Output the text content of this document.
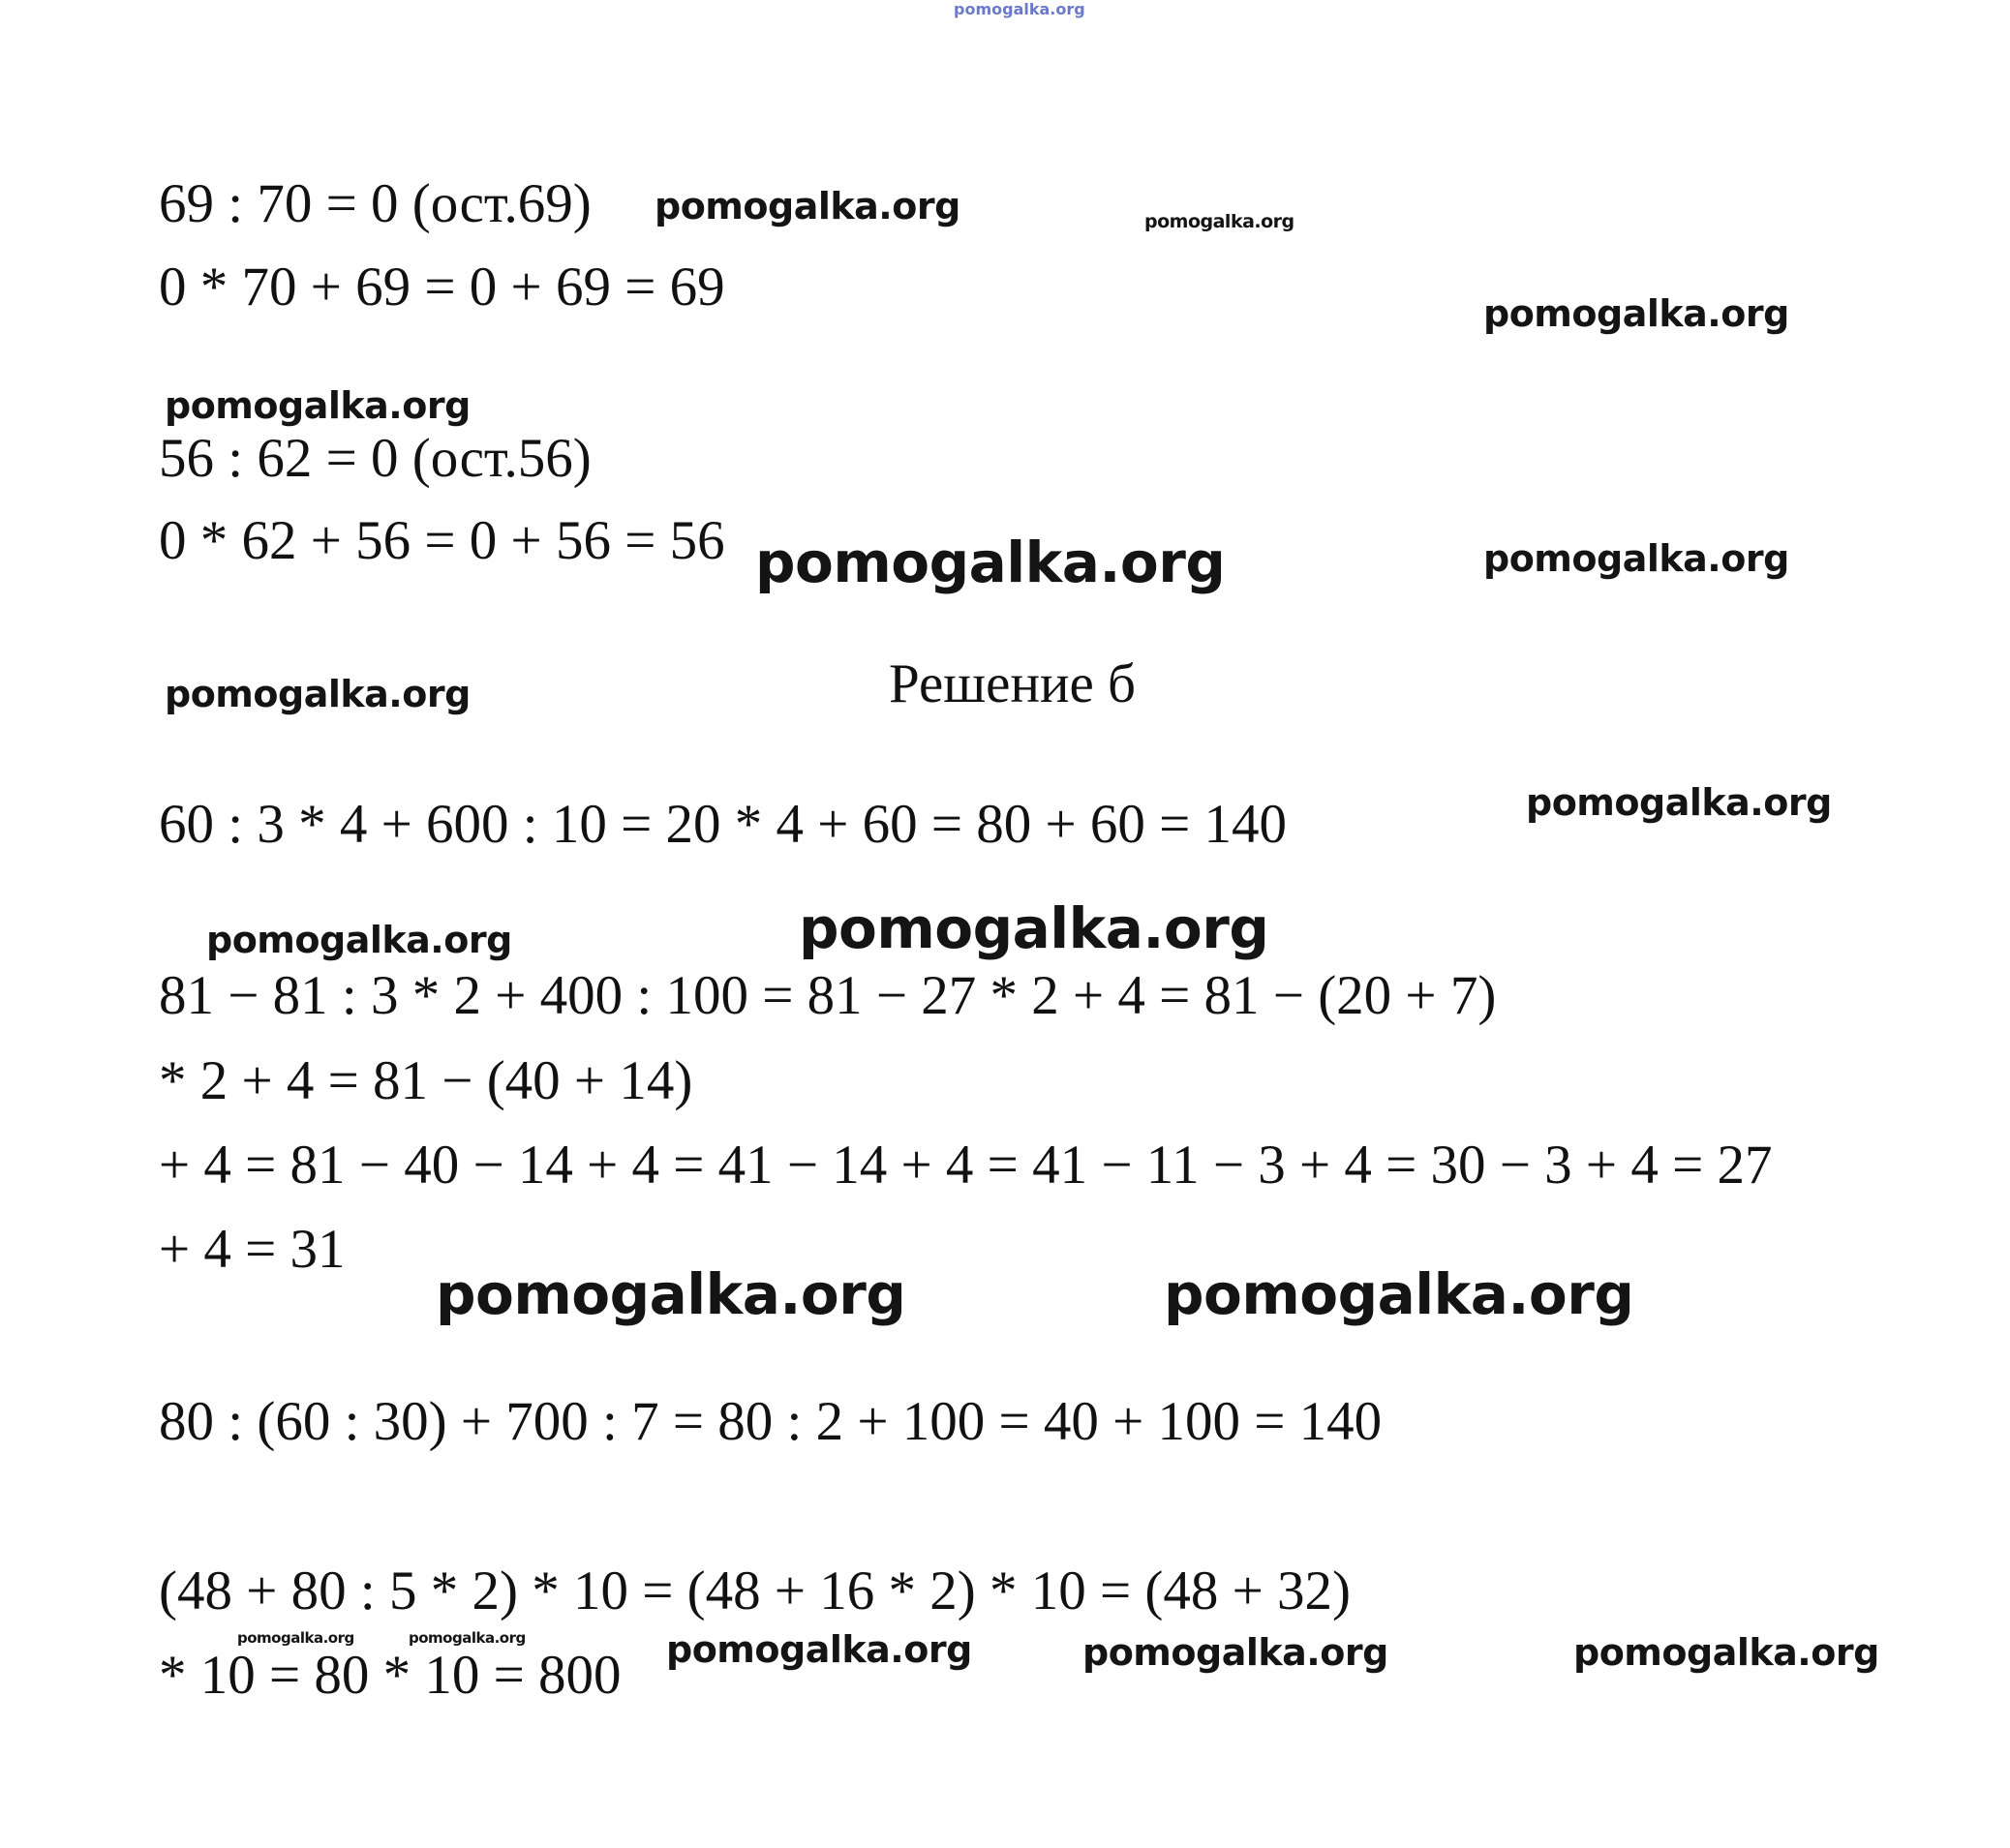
pomogalka.org
69 : 70 = 0 (ост.69) pomogalka.org	pomogalka.org
0 * 70 + 69 = 0 + 69 = 69	pomogalka.org
pomogalka.org
56 : 62 = 0 (ост.56)
0 * 62 + 56 = 0 + 56 = 56 pomogalka.org	pomogalka.org
pomogalka.org	Решение б
60 : 3 * 4 + 600 : 10 = 20 * 4 + 60 = 80 + 60 = 140	pomogalka.org
pomogalka.org	pomogalka.org
81 − 81 : 3 * 2 + 400 : 100 = 81 − 27 * 2 + 4 = 81 − (20 + 7)
* 2 + 4 = 81 − (40 + 14)
+ 4 = 81 − 40 − 14 + 4 = 41 − 14 + 4 = 41 − 11 − 3 + 4 = 30 − 3 + 4 = 27
+ 4 = 31
pomogalka.org	pomogalka.org
80 : (60 : 30) + 700 : 7 = 80 : 2 + 100 = 40 + 100 = 140
(48 + 80 : 5 * 2) * 10 = (48 + 16 * 2) * 10 = (48 + 32)
pomogalka.org	pomogalka.org
* 10 = 80 * 10 = 800 pomogalka.org	pomogalka.org	pomogalka.org
